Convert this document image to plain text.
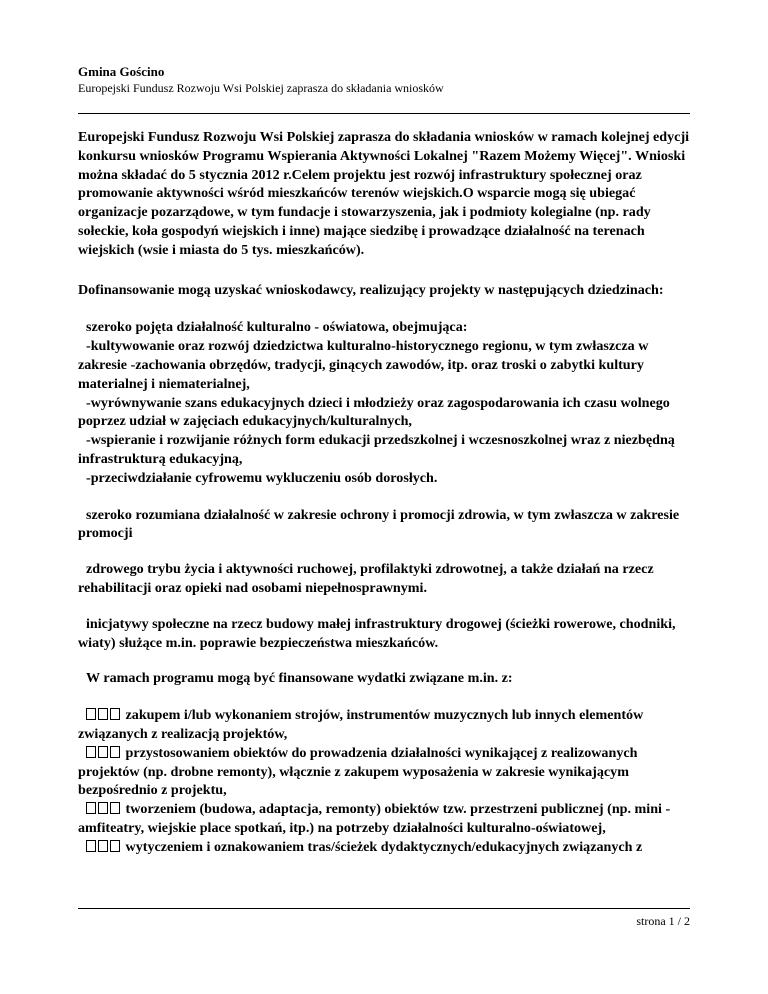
Gmina Gościno
Europejski Fundusz Rozwoju Wsi Polskiej zaprasza do składania wniosków

Europejski Fundusz Rozwoju Wsi Polskiej zaprasza do składania wniosków w ramach kolejnej edycji konkursu wniosków Programu Wspierania Aktywności Lokalnej "Razem Możemy Więcej". Wnioski można składać do 5 stycznia 2012 r.Celem projektu jest rozwój infrastruktury społecznej oraz promowanie aktywności wśród mieszkańców terenów wiejskich.O wsparcie mogą się ubiegać organizacje pozarządowe, w tym fundacje i stowarzyszenia, jak i podmioty kolegialne (np. rady sołeckie, koła gospodyń wiejskich i inne) mające siedzibę i prowadzące działalność na terenach wiejskich (wsie i miasta do 5 tys. mieszkańców).

Dofinansowanie mogą uzyskać wnioskodawcy, realizujący projekty w następujących dziedzinach:

szeroko pojęta działalność kulturalno - oświatowa, obejmująca:

-kultywowanie oraz rozwój dziedzictwa kulturalno-historycznego regionu, w tym zwłaszcza w zakresie -zachowania obrzędów, tradycji, ginących zawodów, itp. oraz troski o zabytki kultury materialnej i niematerialnej,

-wyrównywanie szans edukacyjnych dzieci i młodzieży oraz zagospodarowania ich czasu wolnego poprzez udział w zajęciach edukacyjnych/kulturalnych,

-wspieranie i rozwijanie różnych form edukacji przedszkolnej i wczesnoszkolnej wraz z niezbędną infrastrukturą edukacyjną,

-przeciwdziałanie cyfrowemu wykluczeniu osób dorosłych.

szeroko rozumiana działalność w zakresie ochrony i promocji zdrowia, w tym zwłaszcza w zakresie promocji

zdrowego trybu życia i aktywności ruchowej, profilaktyki zdrowotnej, a także działań na rzecz rehabilitacji oraz opieki nad osobami niepełnosprawnymi.

inicjatywy społeczne na rzecz budowy małej infrastruktury drogowej (ścieżki rowerowe, chodniki, wiaty) służące m.in. poprawie bezpieczeństwa mieszkańców.

W ramach programu mogą być finansowane wydatki związane m.in. z:

zakupem i/lub wykonaniem strojów, instrumentów muzycznych lub innych elementów związanych z realizacją projektów,

przystosowaniem obiektów do prowadzenia działalności wynikającej z realizowanych projektów (np. drobne remonty), włącznie z zakupem wyposażenia w zakresie wynikającym bezpośrednio z projektu,

tworzeniem (budowa, adaptacja, remonty) obiektów tzw. przestrzeni publicznej (np. mini - amfiteatry, wiejskie place spotkań, itp.) na potrzeby działalności kulturalno-oświatowej,

wytyczeniem i oznakowaniem tras/ścieżek dydaktycznych/edukacyjnych związanych z

strona 1 / 2
